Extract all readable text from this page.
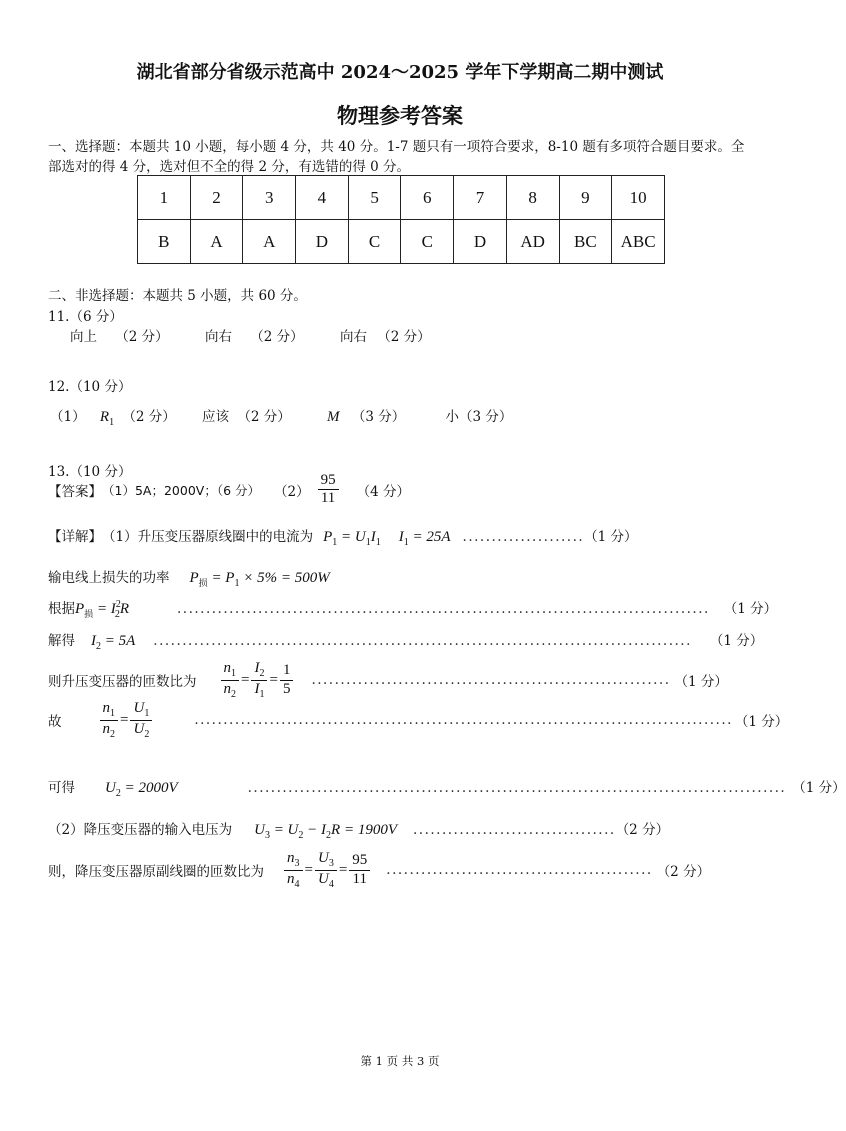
湖北省部分省级示范高中 2024～2025 学年下学期高二期中测试
物理参考答案
一、选择题：本题共 10 小题，每小题 4 分，共 40 分。1-7 题只有一项符合要求，8-10 题有多项符合题目要求。全
部选对的得 4 分，选对但不全的得 2 分，有选错的得 0 分。
1	2	3	4	5	6	7	8	9	10
B	A	A	D	C	C	D	AD	BC	ABC
二、非选择题：本题共 5 小题，共 60 分。
11.（6 分）
向上 （2 分）	向右 （2 分）	向右 （2 分）
12.（10 分）
（1） $R_1$ （2 分） 应该 （2 分） M （3 分）	小（3 分）
13.（10 分）
【答案】 （1）5A；2000V；（6 分） $(2) \frac{95}{11} (4$ 分）
【详解】 （1）升压变压器原线圈中的电流为 $P_1 = U_1I_1$ $I_1 = 25A$ ..................... （1 分）
输电线上损失的功率 $P_损 = P_1 \times 5\% = 500W$
根据 $P_损 = I^2_2R$	............................................................................................ （1 分）
解得 $I_2 = 5A$ ............................................................................................. （1 分）
则升压变压器的匝数比为 $\frac{n_1}{n_2} = \frac{I_2}{I_1} = \frac{1}{5}$ .............................................................. （1 分）
故	$\frac{n_1}{n_2} = \frac{U_1}{U_2}$	............................................................................................. （1 分）
可得 $U_2 = 2000V$	............................................................................................. （1 分）
（2）降压变压器的输入电压为 $U_3 = U_2 - I_2R = 1900V$ ................................... （2 分）
则，降压变压器原副线圈的匝数比为 $\frac{n_3}{n_4} = \frac{U_3}{U_4} = \frac{95}{11}$ .............................................. （2 分）
第 1 页 共 3 页
